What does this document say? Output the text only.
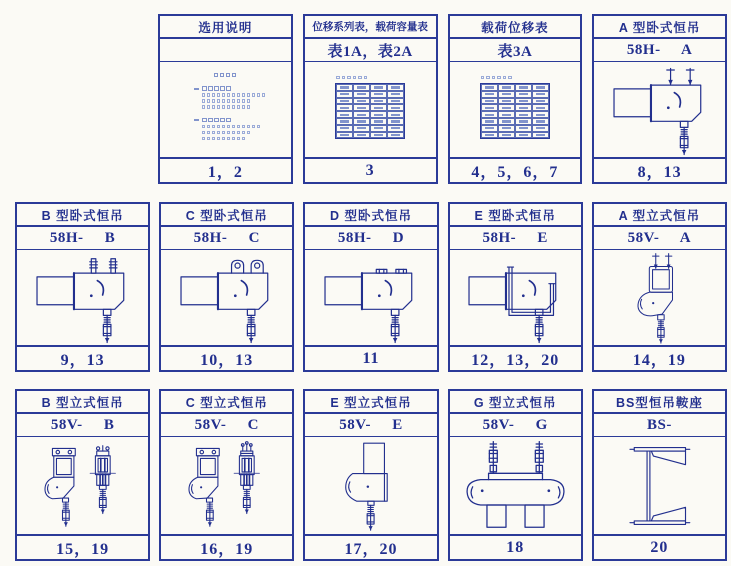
选用说明
1，2
位移系列表，载荷容量表
表1A，表2A
3
载荷位移表
表3A
4，5，6，7
A 型卧式恒吊
58H-     A
8，13
B 型卧式恒吊
58H-     B
9，13
C 型卧式恒吊
58H-     C
10，13
D 型卧式恒吊
58H-     D
11
E 型卧式恒吊
58H-     E
12，13，20
A 型立式恒吊
58V-     A
14，19
B 型立式恒吊
58V-     B
15，19
C 型立式恒吊
58V-     C
16，19
E 型立式恒吊
58V-     E
17，20
G 型立式恒吊
58V-     G
18
BS型恒吊鞍座
BS-
20
